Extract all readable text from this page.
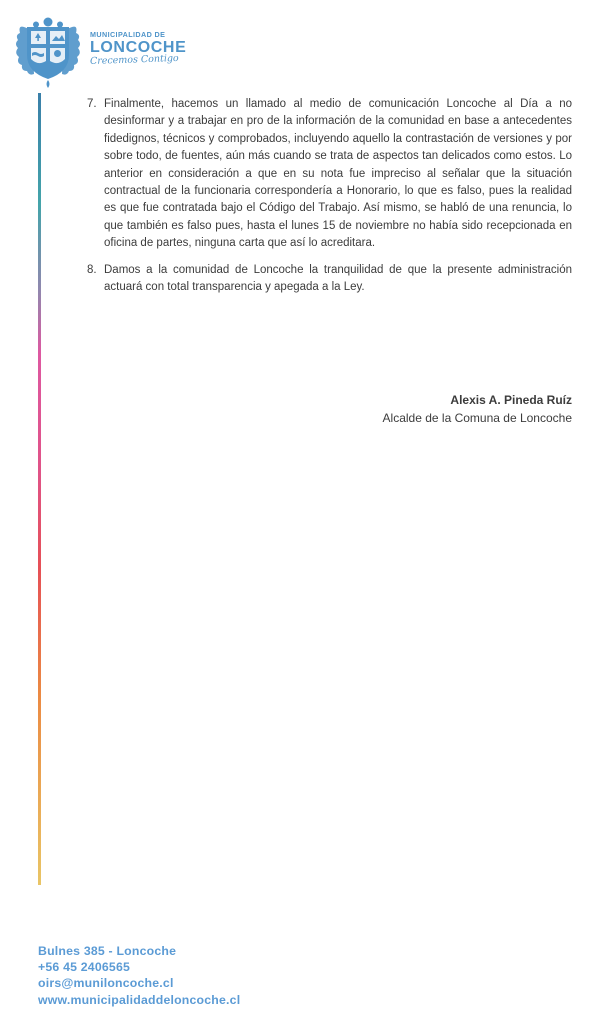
MUNICIPALIDAD DE
LONCOCHE
Crecemos Contigo
7. Finalmente, hacemos un llamado al medio de comunicación Loncoche al Día a no desinformar y a trabajar en pro de la información de la comunidad en base a antecedentes fidedignos, técnicos y comprobados, incluyendo aquello la contrastación de versiones y por sobre todo, de fuentes, aún más cuando se trata de aspectos tan delicados como estos. Lo anterior en consideración a que en su nota fue impreciso al señalar que la situación contractual de la funcionaria correspondería a Honorario, lo que es falso, pues la realidad es que fue contratada bajo el Código del Trabajo. Así mismo, se habló de una renuncia, lo que también es falso pues, hasta el lunes 15 de noviembre no había sido recepcionada en oficina de partes, ninguna carta que así lo acreditara.
8. Damos a la comunidad de Loncoche la tranquilidad de que la presente administración actuará con total transparencia y apegada a la Ley.
Alexis A. Pineda Ruíz
Alcalde de la Comuna de Loncoche
Bulnes 385 - Loncoche
+56 45 2406565
oirs@muniloncoche.cl
www.municipalidaddeloncoche.cl
